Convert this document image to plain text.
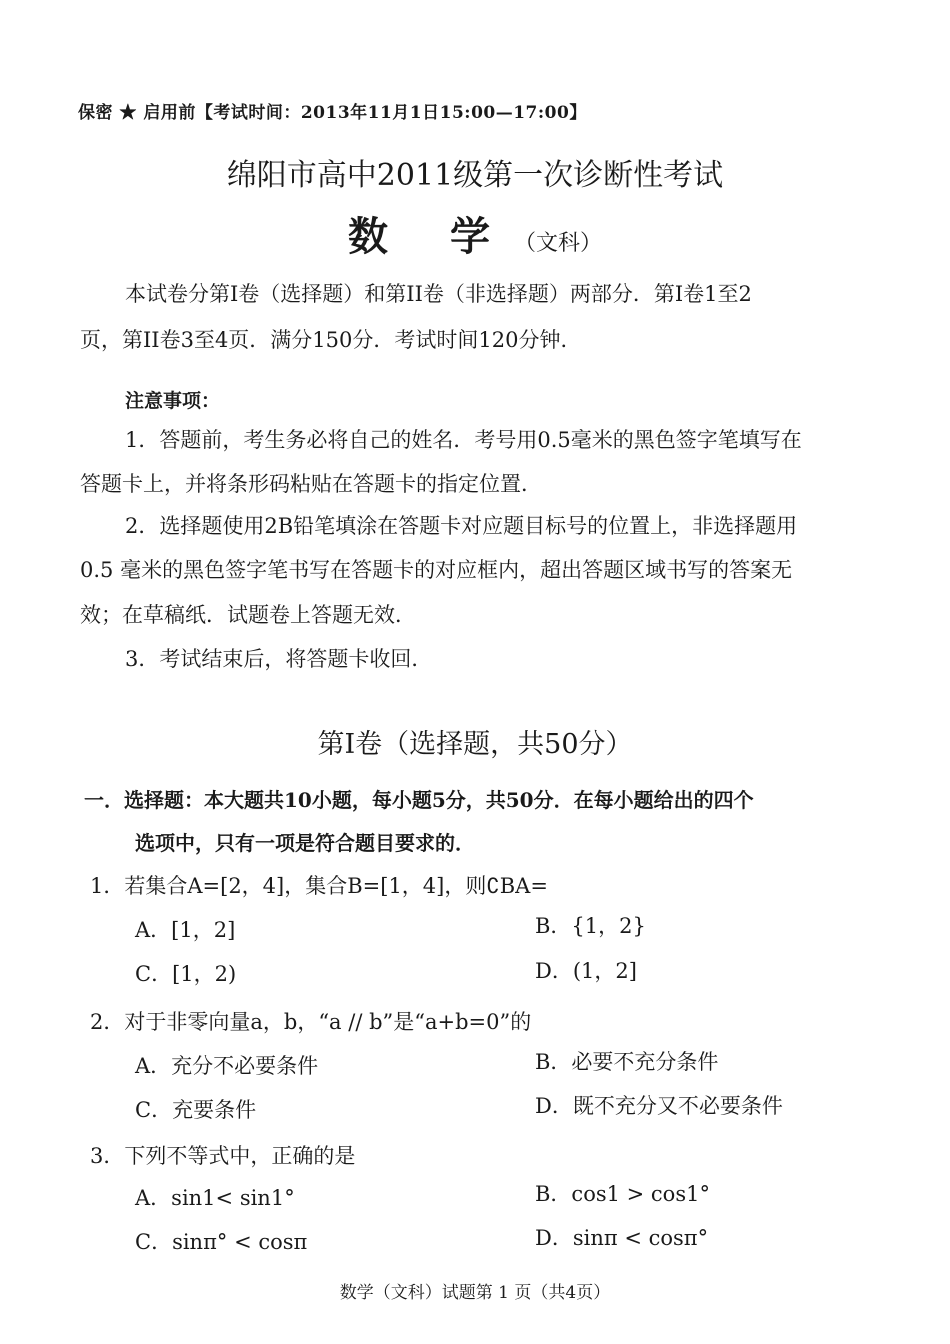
保密 ★ 启用前【考试时间：2013年11月1日15:00—17:00】
绵阳市高中2011级第一次诊断性考试
数 学（文科）
本试卷分第I卷（选择题）和第II卷（非选择题）两部分．第I卷1至2
页，第II卷3至4页．满分150分．考试时间120分钟．
注意事项：
1．答题前，考生务必将自己的姓名．考号用0.5毫米的黑色签字笔填写在
答题卡上，并将条形码粘贴在答题卡的指定位置．
2．选择题使用2B铅笔填涂在答题卡对应题目标号的位置上，非选择题用
0.5 毫米的黑色签字笔书写在答题卡的对应框内，超出答题区域书写的答案无
效；在草稿纸．试题卷上答题无效．
3．考试结束后，将答题卡收回．
第I卷（选择题，共50分）
一．选择题：本大题共10小题，每小题5分，共50分．在每小题给出的四个
选项中，只有一项是符合题目要求的．
1．若集合A=[2，4]，集合B=[1，4]，则∁BA=
A．[1，2]	B．{1，2}
C．[1，2)	D．(1，2]
2．对于非零向量a，b，“a // b”是“a+b=0”的
A．充分不必要条件	B．必要不充分条件
C．充要条件	D．既不充分又不必要条件
3．下列不等式中，正确的是
A．sin1< sin1°	B．cos1 > cos1°
C．sinπ° < cosπ	D．sinπ < cosπ°
数学（文科）试题第 1 页（共4页）
